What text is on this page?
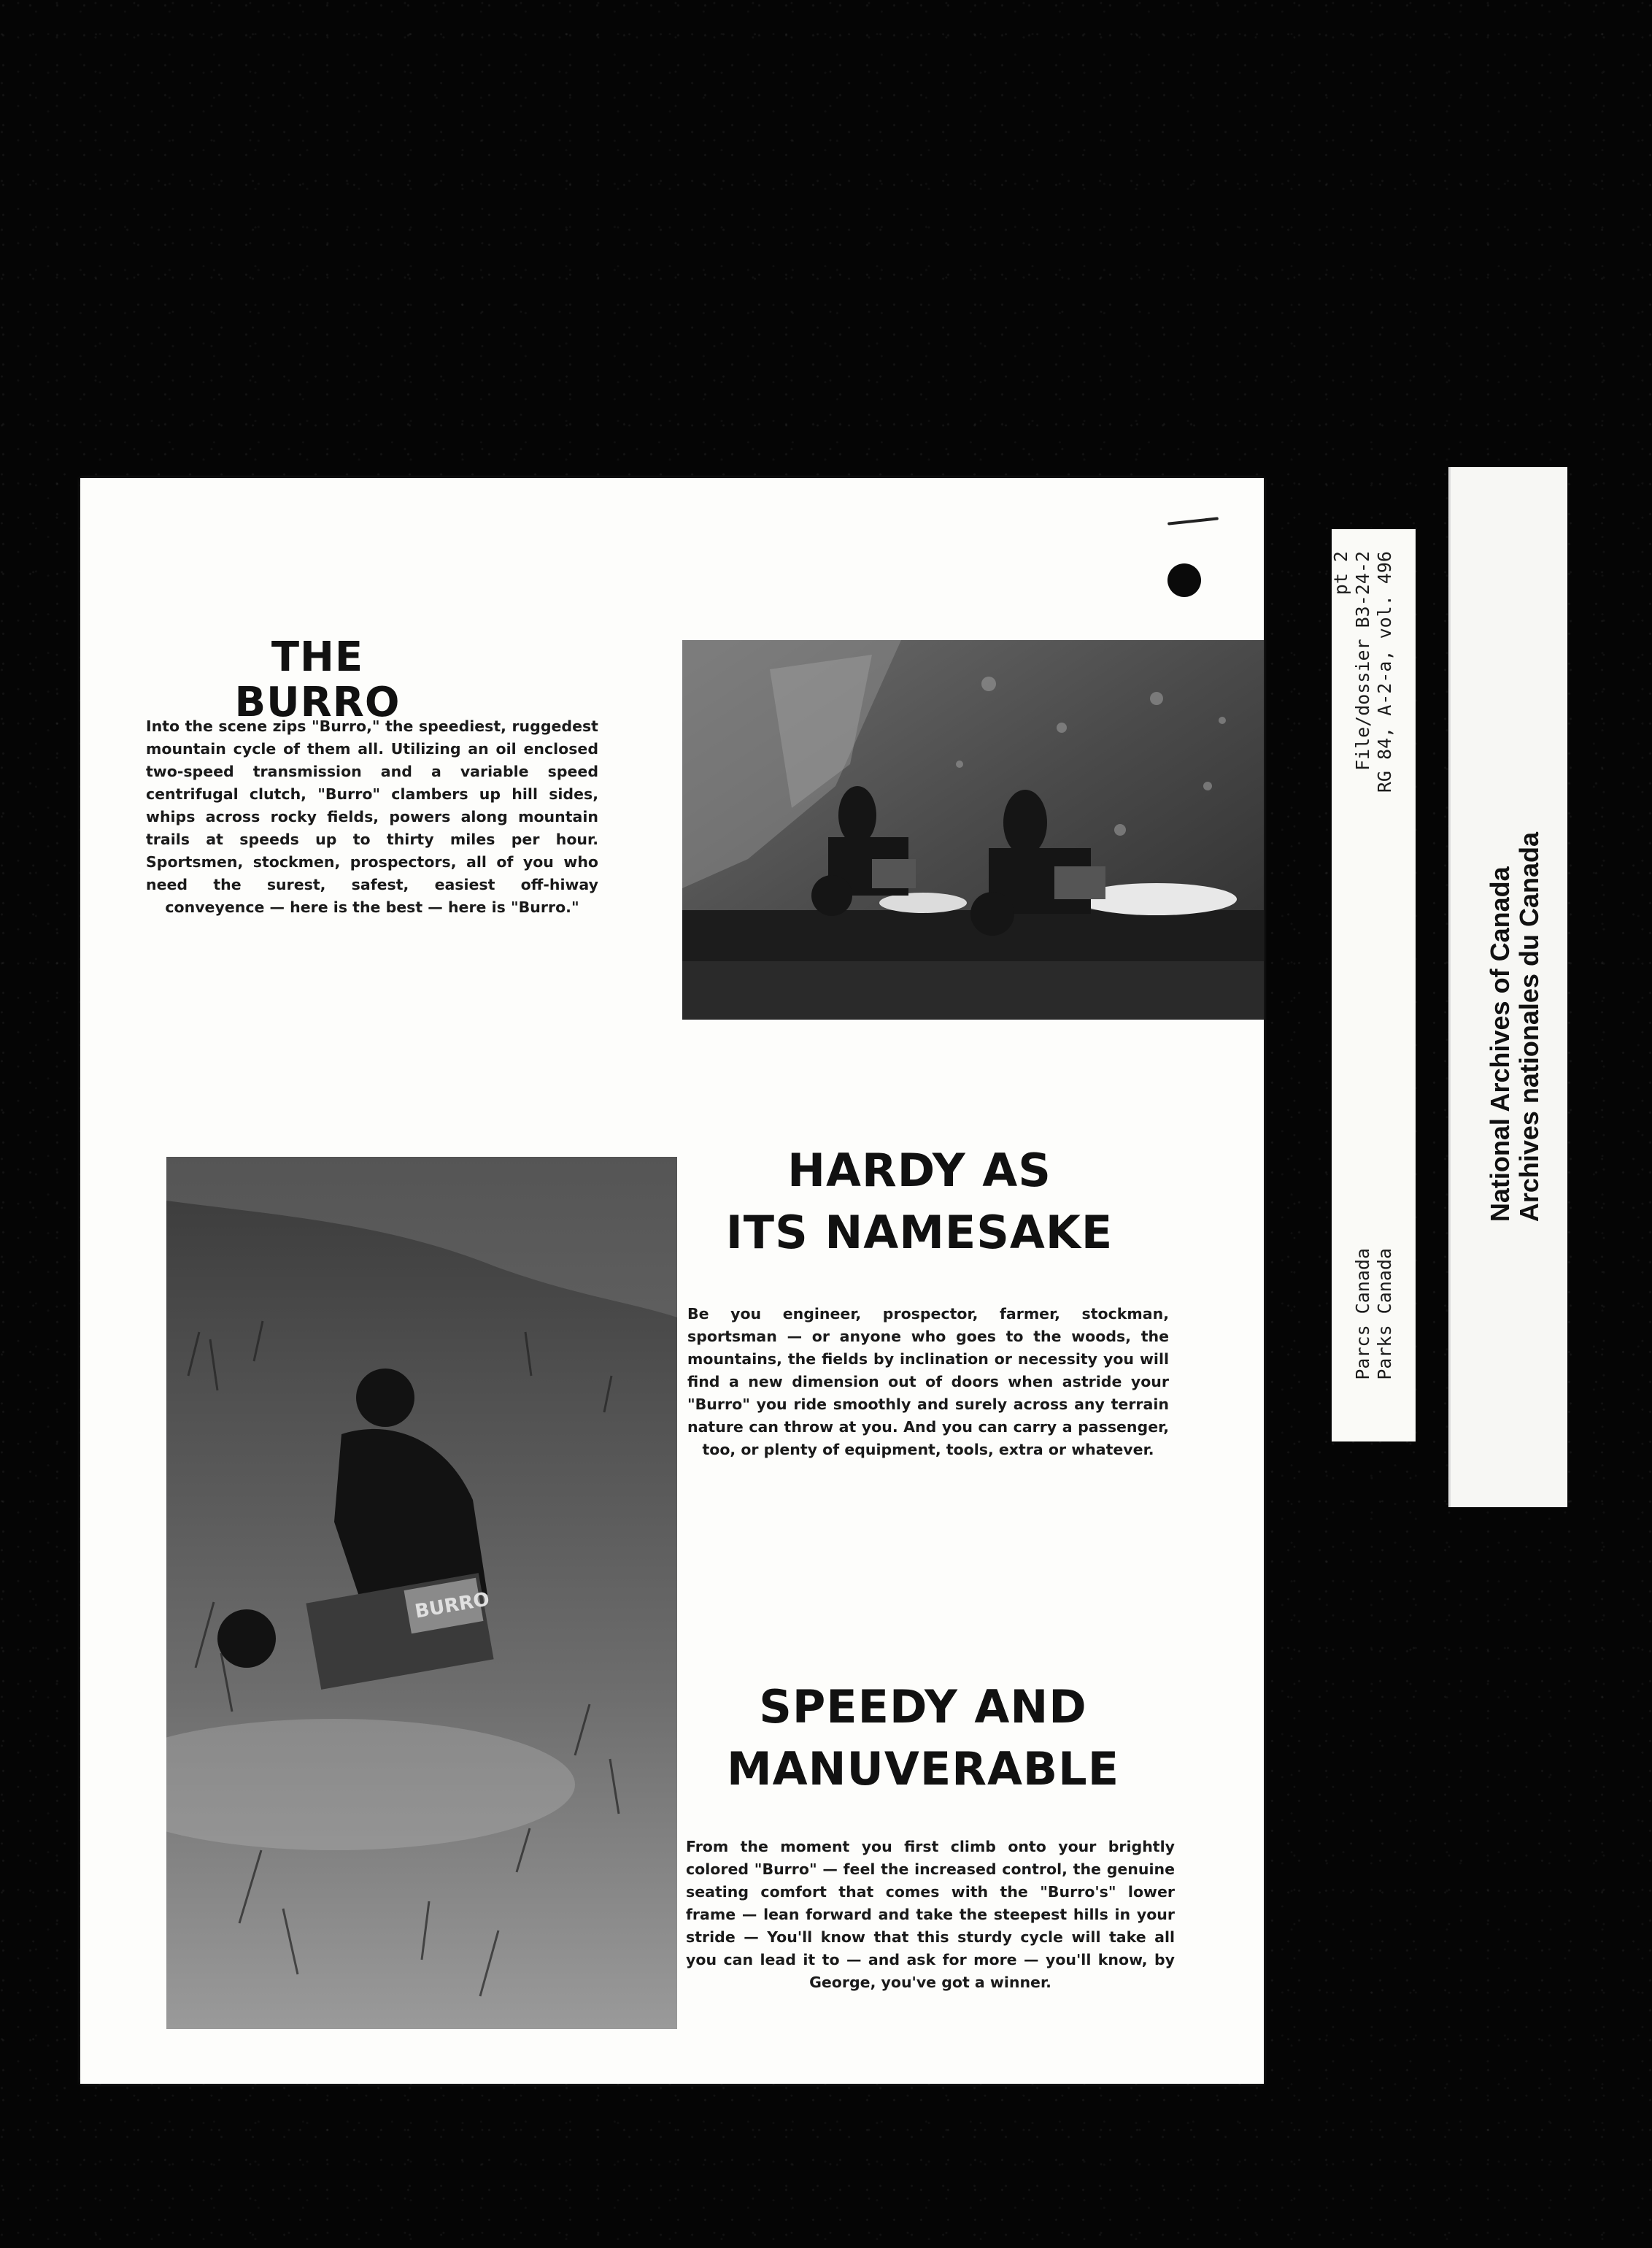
THE BURRO

Into the scene zips "Burro," the speediest, ruggedest mountain cycle of them all. Utilizing an oil enclosed two-speed transmission and a variable speed centrifugal clutch, "Burro" clambers up hill sides, whips across rocky fields, powers along mountain trails at speeds up to thirty miles per hour. Sportsmen, stockmen, prospectors, all of you who need the surest, safest, easiest off-hiway conveyence — here is the best — here is "Burro."

BURRO
HARDY AS
ITS NAMESAKE

Be you engineer, prospector, farmer, stockman, sportsman — or anyone who goes to the woods, the mountains, the fields by inclination or necessity you will find a new dimension out of doors when astride your "Burro" you ride smoothly and surely across any terrain nature can throw at you. And you can carry a passenger, too, or plenty of equipment, tools, extra or whatever.

SPEEDY AND
MANUVERABLE

From the moment you first climb onto your brightly colored "Burro" — feel the increased control, the genuine seating comfort that comes with the "Burro's" lower frame — lean forward and take the steepest hills in your stride — You'll know that this sturdy cycle will take all you can lead it to — and ask for more — you'll know, by George, you've got a winner.

RG 84, A-2-a, vol. 496
File/dossier B3-24-2
pt 2
Parks Canada
Parcs Canada
National Archives of Canada
Archives nationales du Canada
